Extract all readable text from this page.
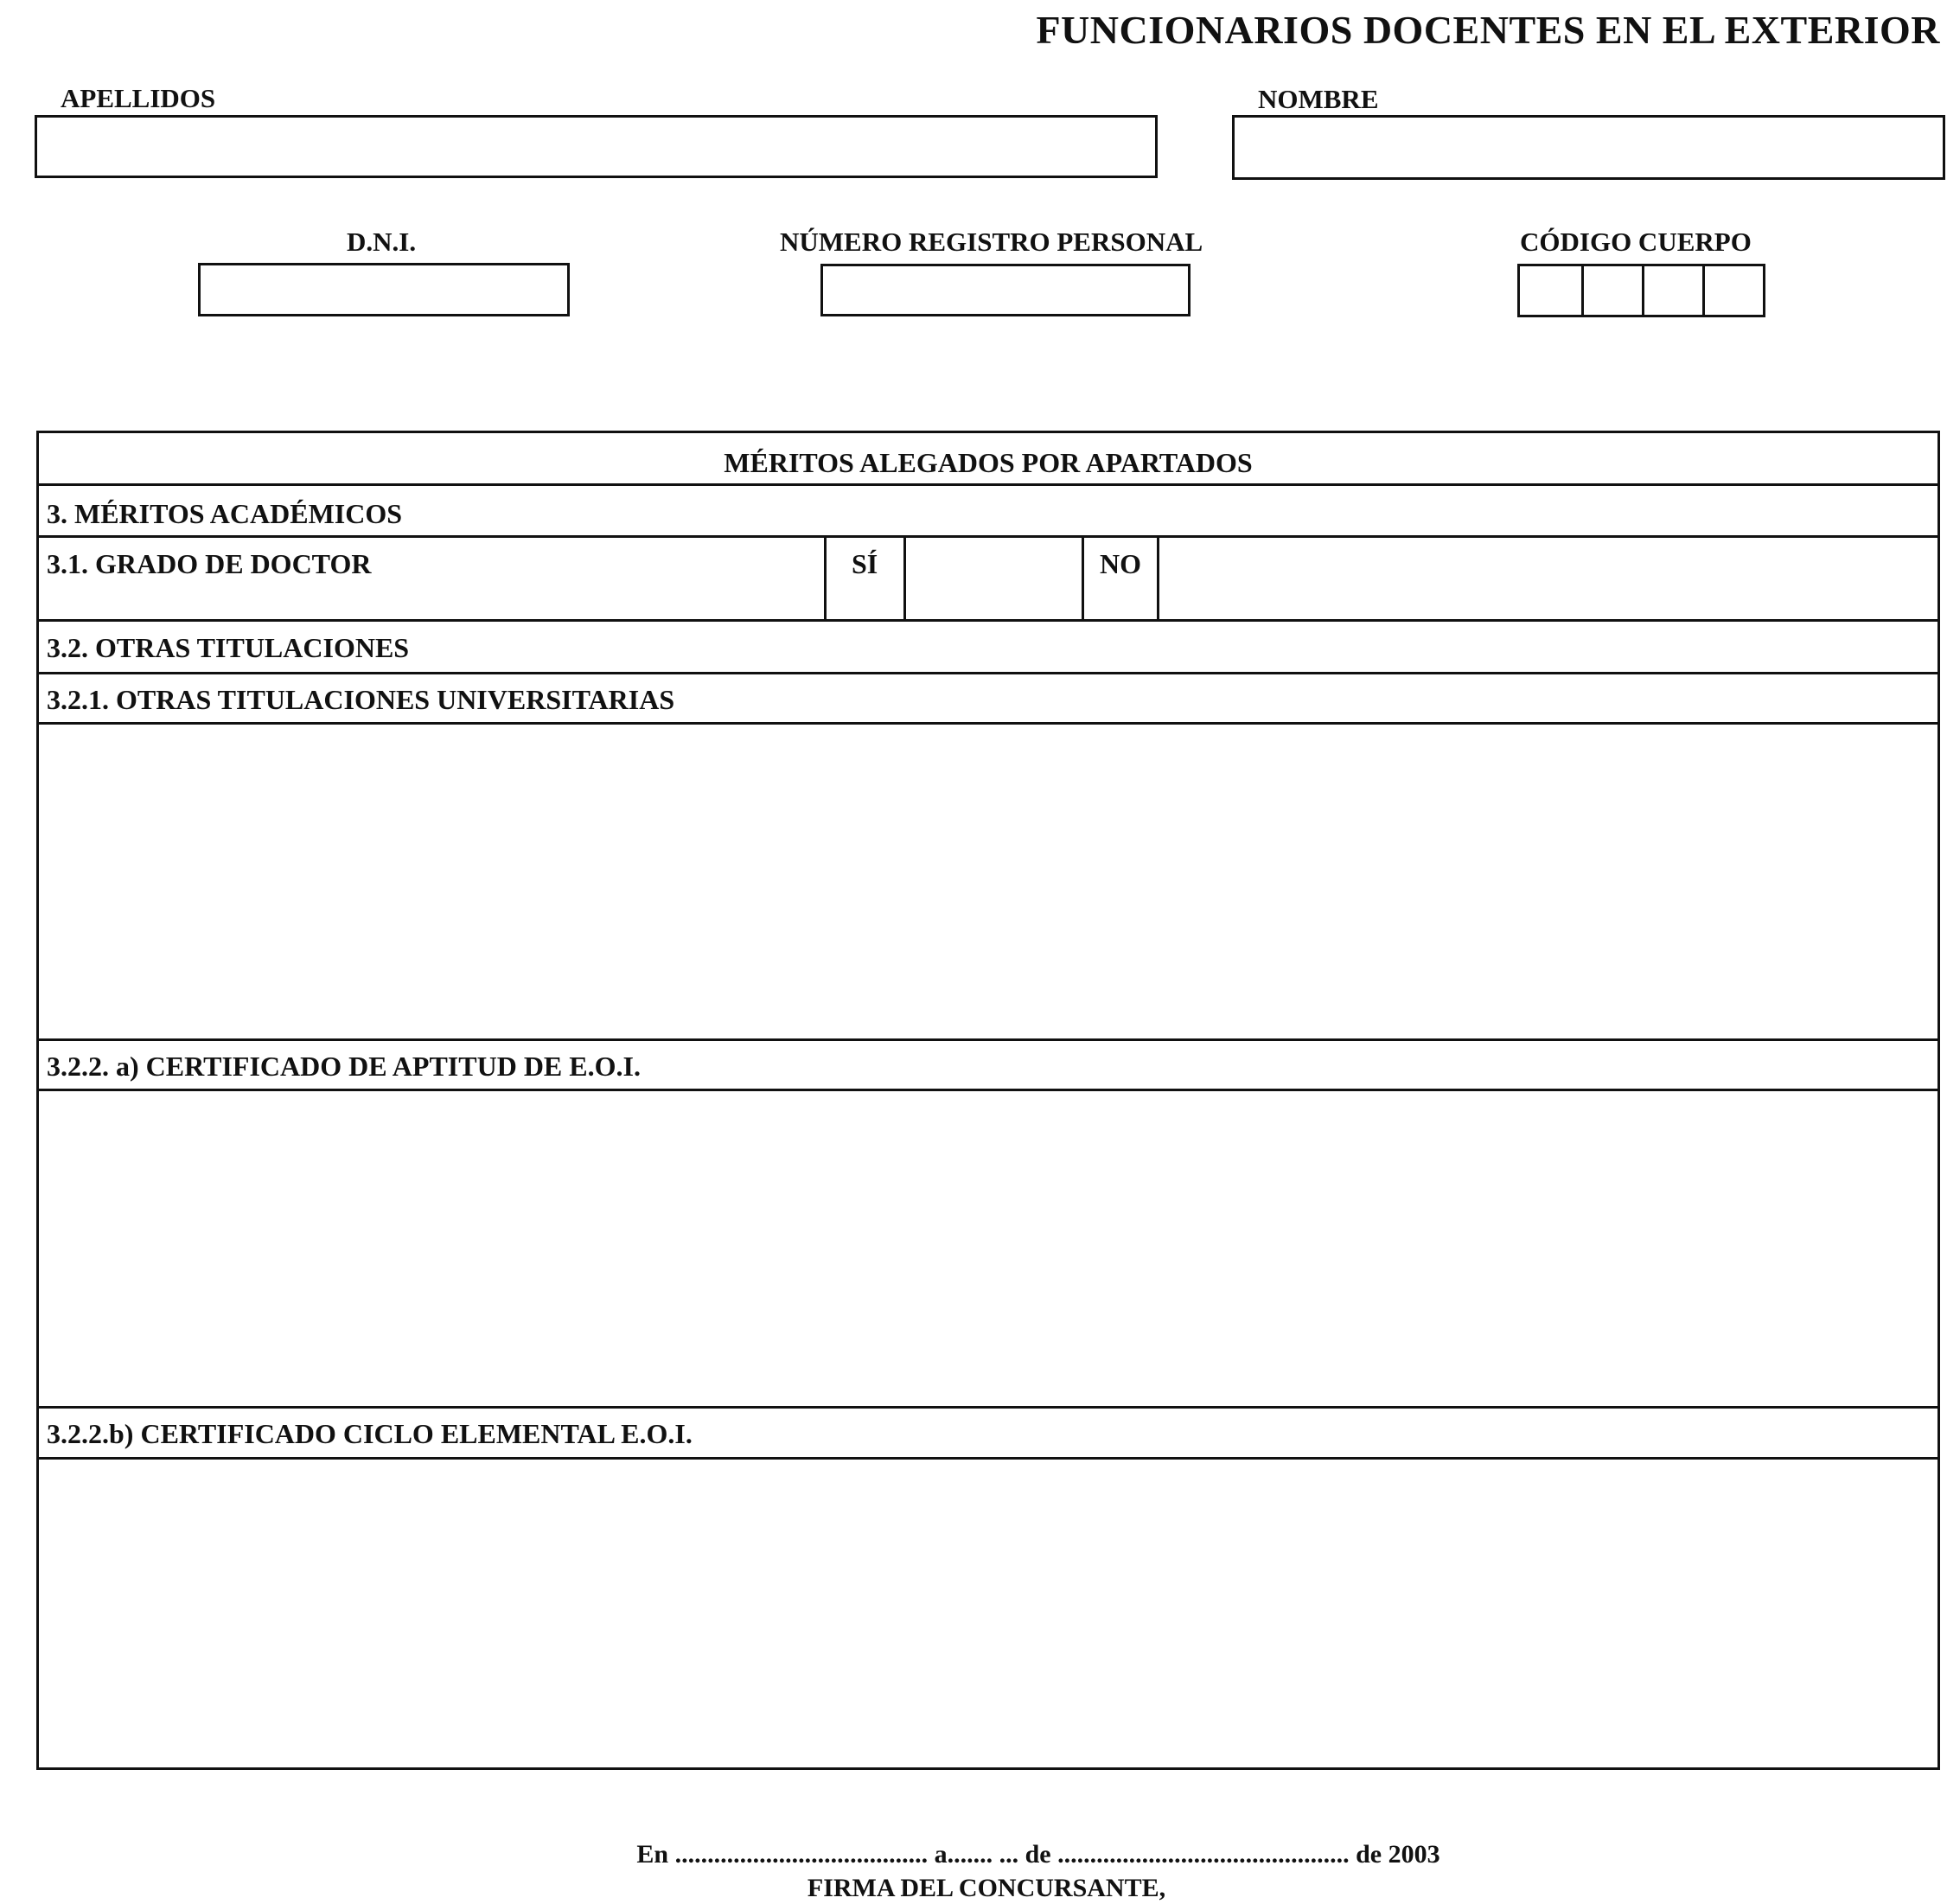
FUNCIONARIOS DOCENTES EN EL EXTERIOR
APELLIDOS	NOMBRE
D.N.I.	NÚMERO REGISTRO PERSONAL	CÓDIGO CUERPO
MÉRITOS ALEGADOS POR APARTADOS
3. MÉRITOS ACADÉMICOS
3.1. GRADO DE DOCTOR	SÍ	NO
3.2. OTRAS TITULACIONES
3.2.1. OTRAS TITULACIONES UNIVERSITARIAS
3.2.2. a) CERTIFICADO DE APTITUD DE E.O.I.
3.2.2.b) CERTIFICADO CICLO ELEMENTAL E.O.I.
En ....................................... a....... ... de ............................................. de 2003
FIRMA DEL CONCURSANTE,
